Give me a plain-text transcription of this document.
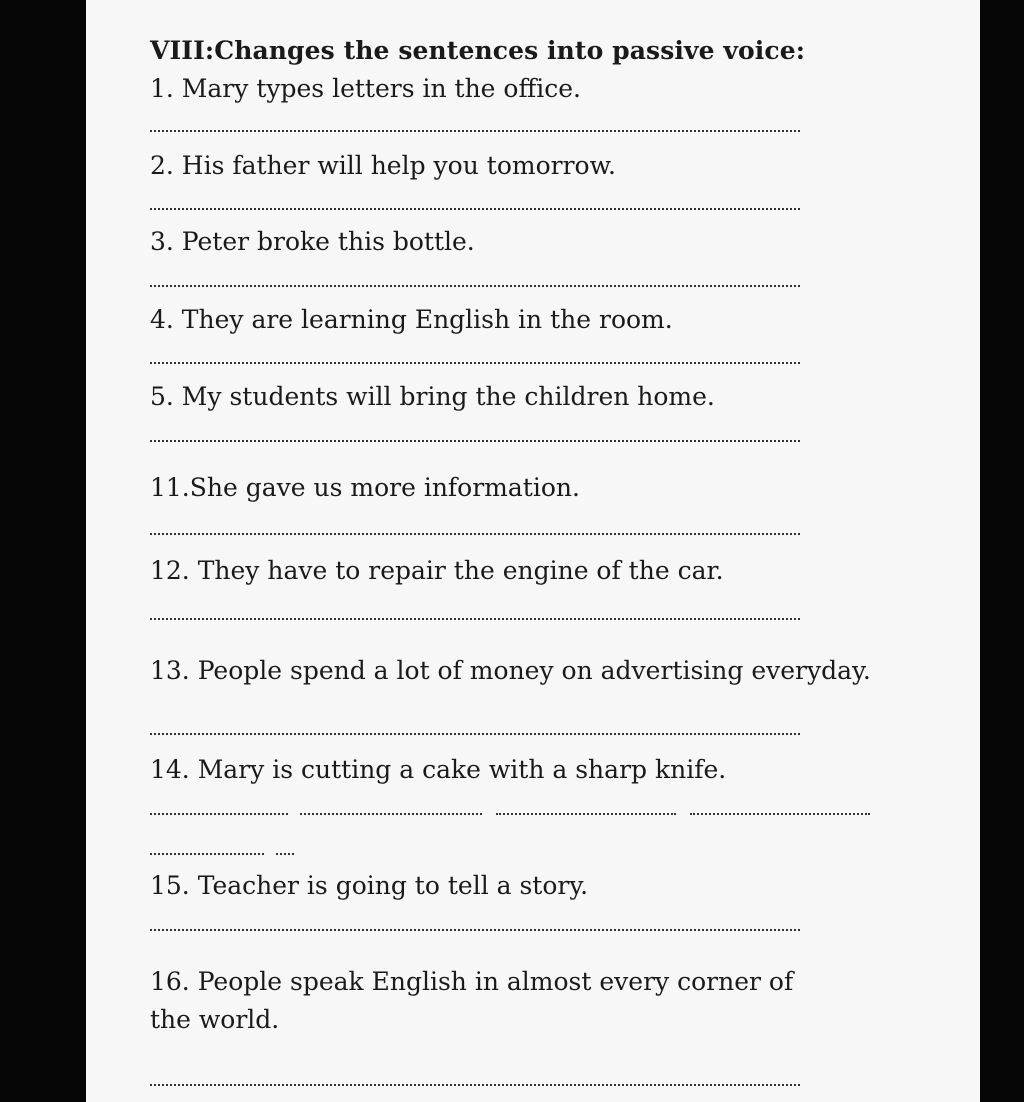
VIII:Changes the sentences into passive voice:
1. Mary types letters in the office.
2. His father will help you tomorrow.
3. Peter broke this bottle.
4. They are learning English in the room.
5. My students will bring the children home.
11.She gave us more information.
12. They have to repair the engine of the car.
13. People spend a lot of money on advertising everyday.
14. Mary is cutting a cake with a sharp knife.
15. Teacher is going to tell a story.
16. People speak English in almost every corner of the world.
